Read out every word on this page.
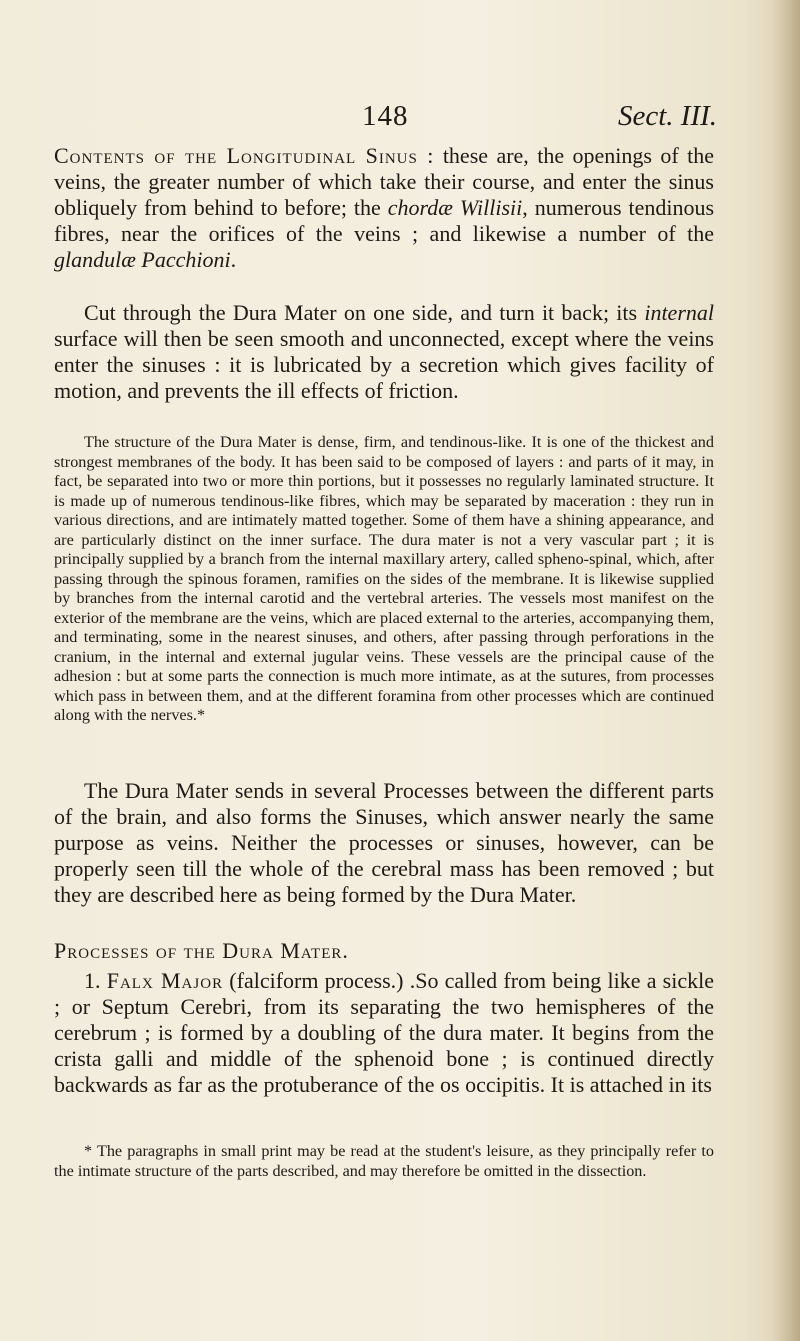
148	Sect. III.

Contents of the Longitudinal Sinus : these are, the openings of the veins, the greater number of which take their course, and enter the sinus obliquely from behind to before; the chordæ Willisii, numerous tendinous fibres, near the orifices of the veins ; and likewise a number of the glandulæ Pacchioni.

Cut through the Dura Mater on one side, and turn it back; its internal surface will then be seen smooth and unconnected, except where the veins enter the sinuses : it is lubricated by a secretion which gives facility of motion, and prevents the ill effects of friction.

The structure of the Dura Mater is dense, firm, and tendinous-like. It is one of the thickest and strongest membranes of the body. It has been said to be composed of layers : and parts of it may, in fact, be separated into two or more thin portions, but it possesses no regularly laminated structure. It is made up of numerous tendinous-like fibres, which may be separated by maceration : they run in various directions, and are intimately matted together. Some of them have a shining appearance, and are particularly distinct on the inner surface. The dura mater is not a very vascular part ; it is principally supplied by a branch from the internal maxillary artery, called spheno-spinal, which, after passing through the spinous foramen, ramifies on the sides of the membrane. It is likewise supplied by branches from the internal carotid and the vertebral arteries. The vessels most manifest on the exterior of the membrane are the veins, which are placed external to the arteries, accompanying them, and terminating, some in the nearest sinuses, and others, after passing through perforations in the cranium, in the internal and external jugular veins. These vessels are the principal cause of the adhesion : but at some parts the connection is much more intimate, as at the sutures, from processes which pass in between them, and at the different foramina from other processes which are continued along with the nerves.*

The Dura Mater sends in several Processes between the different parts of the brain, and also forms the Sinuses, which answer nearly the same purpose as veins. Neither the processes or sinuses, however, can be properly seen till the whole of the cerebral mass has been removed ; but they are described here as being formed by the Dura Mater.

Processes of the Dura Mater.

1. Falx Major (falciform process.) .So called from being like a sickle ; or Septum Cerebri, from its separating the two hemispheres of the cerebrum ; is formed by a doubling of the dura mater. It begins from the crista galli and middle of the sphenoid bone ; is continued directly backwards as far as the protuberance of the os occipitis. It is attached in its

* The paragraphs in small print may be read at the student's leisure, as they principally refer to the intimate structure of the parts described, and may therefore be omitted in the dissection.
